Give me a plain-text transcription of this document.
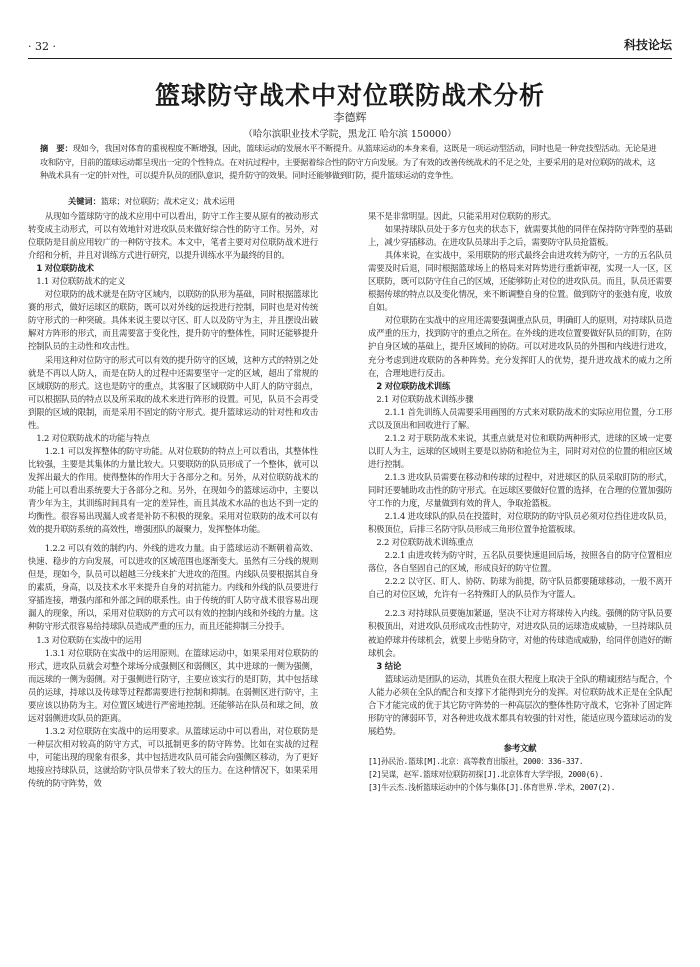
· 32 ·	科技论坛
篮球防守战术中对位联防战术分析
李德辉
（哈尔滨职业技术学院，黑龙江 哈尔滨 150000）
摘　要：现如今，我国对体育的重视程度不断增强，因此，篮球运动的发展水平不断提升。从篮球运动的本身来看，这既是一项运动型活动，同时也是一种竞技型活动。无论是进攻和防守，目前的篮球运动都呈现出一定的个性特点。在对抗过程中，主要据着综合性的防守方向发展。为了有效的改善传统战术的不足之处，主要采用的是对位联防的战术，这种战术具有一定的针对性，可以提升队员的团队意识，提升防守的效果。同时还能够做到盯防，提升篮球运动的竞争性。
关键词：篮球；对位联防；战术定义；战术运用

从现如今篮球防守的战术应用中可以看出，防守工作主要从原有的被动形式转变成主动形式，可以有效地针对进攻队员来做好综合性的防守工作。另外，对位联防是目前应用较广的一种防守技术。本文中，笔者主要对对位联防战术进行介绍和分析，并且对训练方式进行研究，以提升训练水平为最终的目的。

1 对位联防战术

1.1 对位联防战术的定义

对位联防的战术就是在防守区域内，以联防的队形为基础，同时根据篮球比赛的形式，做好运球区的联防，既可以对外线的远投进行控制，同时也是对传统防守形式的一种突破。具体来说主要以守区、盯人以及防守为主，并且摆设出破解对方阵形的形式，而且需要富于变化性，提升防守的整体性，同时还能够提升控制队员的主动性和攻击性。

采用这种对位防守的形式可以有效的提升防守的区域，这种方式的特别之处就是不再以人防人，而是在防人的过程中还需要坚守一定的区域，超出了常规的区域联防的形式。这也是防守的重点，其客服了区域联防中人盯人的防守弱点，可以根据队员的特点以及所采取的战术来进行阵形的设置。可见，队员不会再受到限的区域的限制，而是采用不固定的防守形式。提升篮球运动的针对性和攻击性。

1.2 对位联防战术的功能与特点

1.2.1 可以发挥整体的防守功能。从对位联防的特点上可以看出，其整体性比较强，主要是其集体的力量比较大。只要联防的队员形成了一个整体，就可以发挥出最大的作用。使得整体的作用大于各部分之和。另外，从对位联防战术的功能上可以看出系统要大于各部分之和。另外，在现如今的篮球运动中，主要以青少年为主，其训练时间具有一定的差异性，而且其战术水品的也达不到一定的均衡性。很容易出现漏人或者是补防不积极的现象。采用对位联防的战术可以有效的提升联防系统的高效性，增强团队的凝聚力，发挥整体功能。

1.2.2 可以有效的制约内、外线的进攻力量。由于篮球运动不断朝着高效、快速、稳步的方向发展，可以进攻的区域范围也逐渐变大。虽然有三分线的规则但是，现如今，队员可以超越三分线来扩大进攻的范围。内线队员要根据其自身的素质，身高，以及技术水平来提升自身的对抗能力。内线和外线的队员要进行穿插连接，增强内部和外部之间的联系性。由于传统的盯人防守战术很容易出现漏人的现象，所以，采用对位联防的方式可以有效的控制内线和外线的力量。这种防守形式很容易给持球队员造成严重的压力，而且还能抑制三分投手。

1.3 对位联防在实战中的运用

1.3.1 对位联防在实战中的运用原则。在篮球运动中，如果采用对位联防的形式，进攻队员就会对整个球场分成强侧区和弱侧区，其中进球的一侧为强侧，而远球的一侧为弱侧。对于强侧进行防守，主要应该实行的是盯防，其中包括球员的运球，持球以及传球等过程都需要进行控制和抑制。在弱侧区进行防守，主要应该以协防为主。对位置区域进行严密地控制。还能够站在队员和球之间，放远对弱侧进攻队员的距离。

1.3.2 对位联防在实战中的运用要求。从篮球运动中可以看出，对位联防是一种层次相对较高的防守方式，可以抵制更多的防守阵势。比如在实战的过程中，可能出现的现象有很多，其中包括进攻队员可能会向强侧区移动，为了更好地接应持球队员，这就给防守队员带来了较大的压力。在这种情况下，如果采用传统的防守阵势，效

果不是非常明显。因此，只能采用对位联防的形式。

如果持球队员处于多方包夹的状态下，就需要其他的同伴在保持防守阵型的基础上，减少穿插移动。在进攻队员球出手之后，需要防守队员抢篮板。

具体来说，在实战中，采用联防的形式最终会由进攻转为防守，一方的五名队员需要及时后退，同时根据篮球场上的格局来对阵势进行重新审视，实现一人一区，区区联防，既可以防守住自己的区域，还能够防止对位的进攻队员。而且，队员还需要根据传球的特点以及变化情况，来不断调整自身的位置。做到防守的张弛有度，收放自如。

对位联防在实战中的应用还需要强调重点队员，明确盯人的原则，对持球队员造成严重的压力，找到防守的重点之所在。在外线的进攻位置要做好队员的盯防，在防护自身区域的基础上，提升区域间的协防。可以对进攻队员的外围和内线进行进攻，充分考虑到进攻联防的各种阵势。充分发挥盯人的优势，提升进攻战术的威力之所在，合理地进行反击。

2 对位联防战术训练

2.1 对位联防战术训练步骤

2.1.1 首先训练人员需要采用画图的方式来对联防战术的实际应用位置，分工形式以及顶出和回收进行了解。

2.1.2 对于联防战术来说，其重点就是对位和联防两种形式，进球的区域一定要以盯人为主，远球的区域则主要是以协防和抢位为主，同时对对位的位置的相应区域进行控制。

2.1.3 进攻队员需要在移动和传球的过程中，对进球区的队员采取盯防的形式，同时还要辅助攻击性的防守形式。在远球区要做好位置的选择，在合理的位置加强防守工作的力度，尽量做到有效的背人，争取抢篮板。

2.1.4 进攻球队的队员在投篮时，对位联防的防守队员必须对位挡住进攻队员，积极顶位，后排三名防守队员形成三角形位置争抢篮板球。

2.2 对位联防战术训练重点

2.2.1 由进攻转为防守时，五名队员要快速退回后场，按照各自的防守位置相应落位，各自坚固自己的区域，形成良好的防守位置。

2.2.2 以守区、盯人、协防、防球为前提，防守队员都要随球移动，一般不离开自己的对位区域，允许有一名特殊盯人的队员作为守篮人。

2.2.3 对持球队员要施加紧逼，坚决不让对方将球传入内线。强侧的防守队员要积极顶出，对进攻队员形成攻击性防守，对进攻队员的运球造成威胁，一旦持球队员被迫停球并传球机会，就要上步贴身防守，对他的传球造成威胁，给同伴创造好的断球机会。

3 结论

篮球运动是团队的运动，其胜负在很大程度上取决于全队的精诚团结与配合，个人能力必须在全队的配合和支撑下才能得到充分的发挥。对位联防战术正是在全队配合下才能完成的优于其它防守阵势的一种高层次的整体性防守战术，它弥补了固定阵形防守的薄弱环节，对各种进攻战术都具有较强的针对性，能适应现今篮球运动的发展趋势。

参考文献

[1]孙民治.篮球[M].北京：高等教育出版社，2000：336-337.

[2]吴谋，赵军.篮球对位联防初探[J].北京体育大学学报，2000(6).

[3]牛云杰.浅析篮球运动中的个体与集体[J].体育世界.学术，2007(2).
